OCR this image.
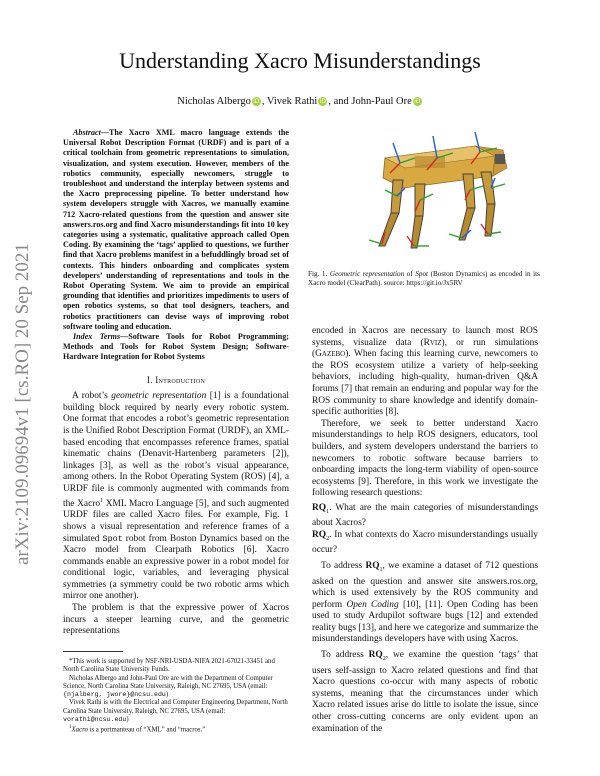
Understanding Xacro Misunderstandings
Nicholas Albergo iD , Vivek Rathi iD , and John-Paul Ore iD
arXiv:2109.09694v1 [cs.RO] 20 Sep 2021

Abstract—The Xacro XML macro language extends the Universal Robot Description Format (URDF) and is part of a critical toolchain from geometric representations to simulation, visualization, and system execution. However, members of the robotics community, especially newcomers, struggle to troubleshoot and understand the interplay between systems and the Xacro preprocessing pipeline. To better understand how system developers struggle with Xacros, we manually examine 712 Xacro-related questions from the question and answer site answers.ros.org and find Xacro misunderstandings fit into 10 key categories using a systematic, qualitative approach called Open Coding. By examining the ‘tags’ applied to questions, we further find that Xacro problems manifest in a befuddlingly broad set of contexts. This hinders onboarding and complicates system developers’ understanding of representations and tools in the Robot Operating System. We aim to provide an empirical grounding that identifies and prioritizes impediments to users of open robotics systems, so that tool designers, teachers, and robotics practitioners can devise ways of improving robot software tooling and education.

Index Terms—Software Tools for Robot Programming; Methods and Tools for Robot System Design; Software-Hardware Integration for Robot Systems

I. Introduction

A robot’s geometric representation [1] is a foundational building block required by nearly every robotic system. One format that encodes a robot’s geometric representation is the Unified Robot Description Format (URDF), an XML-based encoding that encompasses reference frames, spatial kinematic chains (Denavit-Hartenberg parameters [2]), linkages [3], as well as the robot’s visual appearance, among others. In the Robot Operating System (ROS) [4], a URDF file is commonly augmented with commands from the Xacro$^1$ XML Macro Language [5], and such augmented URDF files are called Xacro files. For example, Fig. 1 shows a visual representation and reference frames of a simulated Spot robot from Boston Dynamics based on the Xacro model from Clearpath Robotics [6]. Xacro commands enable an expressive power in a robot model for conditional logic, variables, and leveraging physical symmetries (a symmetry could be two robotic arms which mirror one another).

The problem is that the expressive power of Xacros incurs a steeper learning curve, and the geometric representations

*This work is supported by NSF-NRI-USDA-NIFA 2021-67021-33451 and North Carolina State University Funds.

Nicholas Albergo and John-Paul Ore are with the Department of Computer Science, North Carolina State University, Raleigh, NC 27695, USA (email: {njalberg, jwore}@ncsu.edu)

Vivek Rathi is with the Electrical and Computer Engineering Department, North Carolina State University, Raleigh, NC 27695, USA (email: vorathi@ncsu.edu)

$^1$Xacro is a portmanteau of “XML” and “macros.”

Fig. 1. Geometric representation of Spot (Boston Dynamics) as encoded in its Xacro model (ClearPath). source: https://git.io/Jx5RV

encoded in Xacros are necessary to launch most ROS systems, visualize data (Rviz), or run simulations (Gazebo). When facing this learning curve, newcomers to the ROS ecosystem utilize a variety of help-seeking behaviors, including high-quality, human-driven Q&A forums [7] that remain an enduring and popular way for the ROS community to share knowledge and identify domain-specific authorities [8].

Therefore, we seek to better understand Xacro misunderstandings to help ROS designers, educators, tool builders, and system developers understand the barriers to newcomers to robotic software because barriers to onboarding impacts the long-term viability of open-source ecosystems [9]. Therefore, in this work we investigate the following research questions:

$RQ_1$. What are the main categories of misunderstandings about Xacros?

$RQ_2$. In what contexts do Xacro misunderstandings usually occur?

To address $RQ_1$, we examine a dataset of 712 questions asked on the question and answer site answers.ros.org, which is used extensively by the ROS community and perform Open Coding [10], [11]. Open Coding has been used to study Ardupilot software bugs [12] and extended reality bugs [13], and here we categorize and summarize the misunderstandings developers have with using Xacros.

To address $RQ_2$, we examine the question ‘tags’ that users self-assign to Xacro related questions and find that Xacro questions co-occur with many aspects of robotic systems, meaning that the circumstances under which Xacro related issues arise do little to isolate the issue, since other cross-cutting concerns are only evident upon an examination of the
